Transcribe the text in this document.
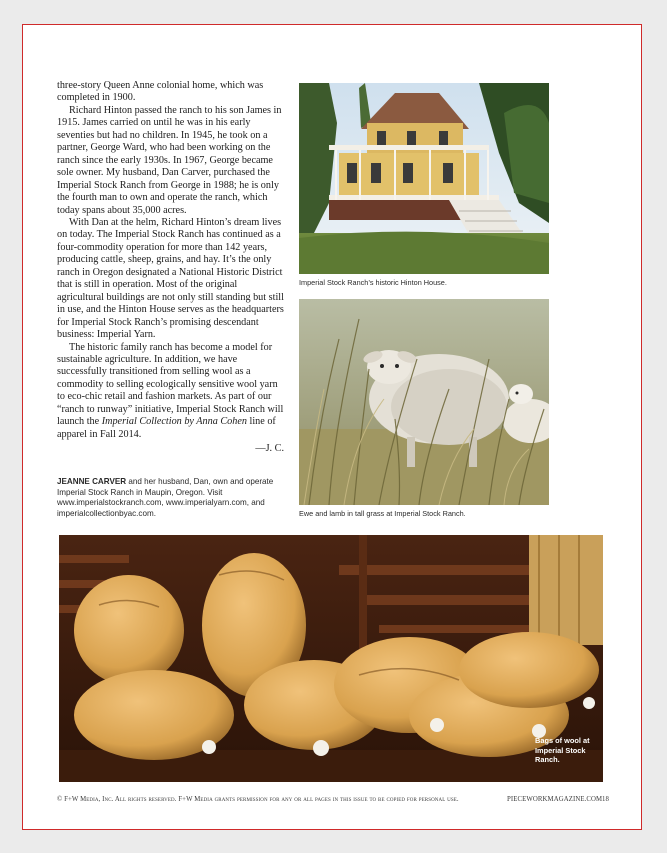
three-story Queen Anne colonial home, which was completed in 1900.

Richard Hinton passed the ranch to his son James in 1915. James carried on until he was in his early seventies but had no children. In 1945, he took on a partner, George Ward, who had been working on the ranch since the early 1930s. In 1967, George became sole owner. My husband, Dan Carver, purchased the Imperial Stock Ranch from George in 1988; he is only the fourth man to own and operate the ranch, which today spans about 35,000 acres.

With Dan at the helm, Richard Hinton’s dream lives on today. The Imperial Stock Ranch has continued as a four-commodity operation for more than 142 years, producing cattle, sheep, grains, and hay. It’s the only ranch in Oregon designated a National Historic District that is still in operation. Most of the original agricultural buildings are not only still standing but still in use, and the Hinton House serves as the headquarters for Imperial Stock Ranch’s promising descendant business: Imperial Yarn.

The historic family ranch has become a model for sustainable agriculture. In addition, we have successfully transitioned from selling wool as a commodity to selling ecologically sensitive wool yarn to eco-chic retail and fashion markets. As part of our “ranch to runway” initiative, Imperial Stock Ranch will launch the Imperial Collection by Anna Cohen line of apparel in Fall 2014.

—J. C.
JEANNE CARVER and her husband, Dan, own and operate Imperial Stock Ranch in Maupin, Oregon. Visit www.imperialstockranch.com, www.imperialyarn.com, and imperialcollectionbyac.com.
Imperial Stock Ranch’s historic Hinton House.
Ewe and lamb in tall grass at Imperial Stock Ranch.
Bags of wool at Imperial Stock Ranch.
© F+W Media, Inc. All rights reserved. F+W Media grants permission for any or all pages in this issue to be copied for personal use.	PIECEWORKMAGAZINE.COM 18
